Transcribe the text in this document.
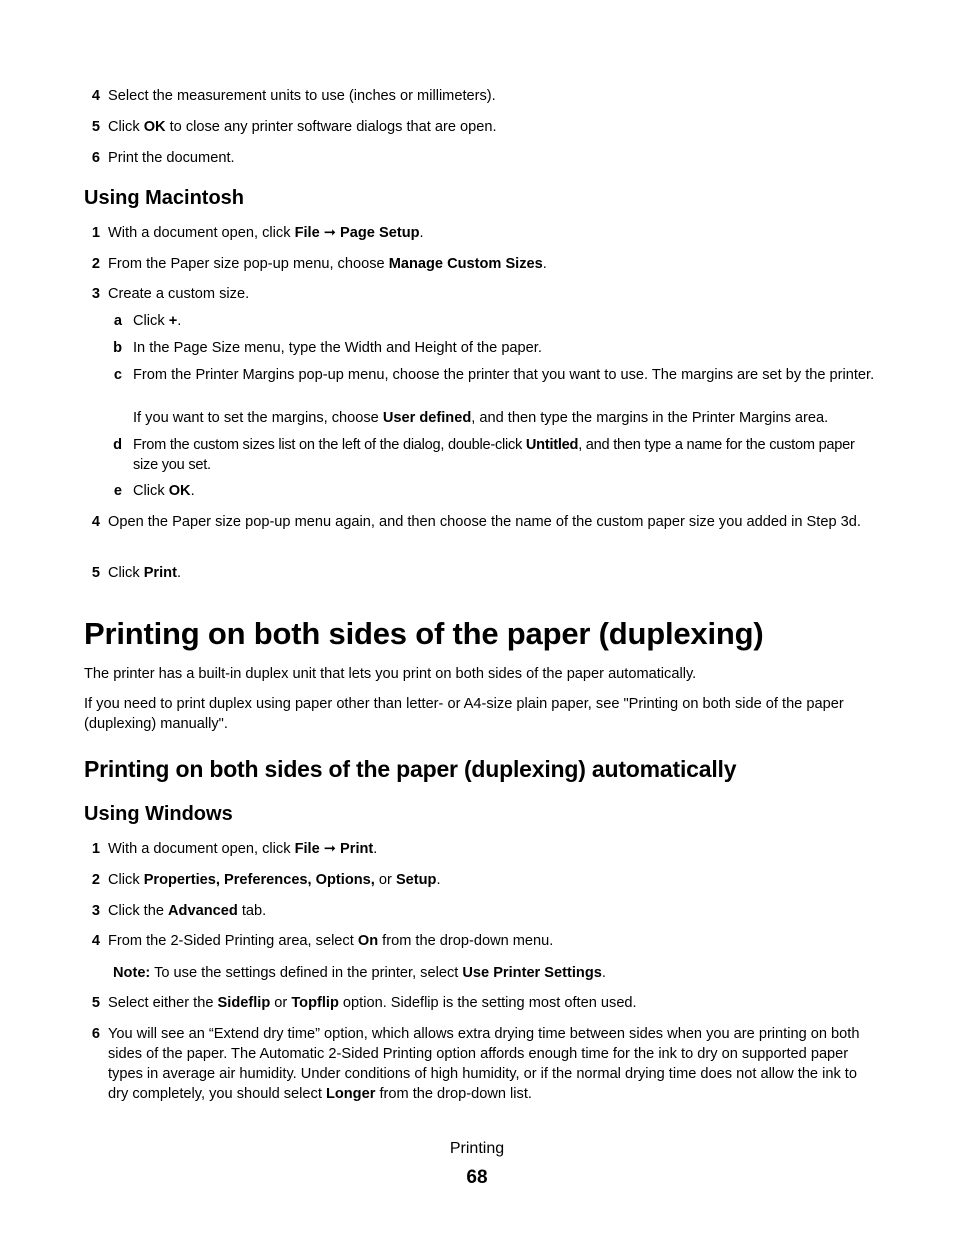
4 Select the measurement units to use (inches or millimeters).
5 Click OK to close any printer software dialogs that are open.
6 Print the document.
Using Macintosh
1 With a document open, click File ➞ Page Setup.
2 From the Paper size pop-up menu, choose Manage Custom Sizes.
3 Create a custom size.
a Click +.
b In the Page Size menu, type the Width and Height of the paper.
c From the Printer Margins pop-up menu, choose the printer that you want to use. The margins are set by the printer.
If you want to set the margins, choose User defined, and then type the margins in the Printer Margins area.
d From the custom sizes list on the left of the dialog, double-click Untitled, and then type a name for the custom paper size you set.
e Click OK.
4 Open the Paper size pop-up menu again, and then choose the name of the custom paper size you added in Step 3d.
5 Click Print.
Printing on both sides of the paper (duplexing)
The printer has a built-in duplex unit that lets you print on both sides of the paper automatically.
If you need to print duplex using paper other than letter- or A4-size plain paper, see "Printing on both side of the paper (duplexing) manually".
Printing on both sides of the paper (duplexing) automatically
Using Windows
1 With a document open, click File ➞ Print.
2 Click Properties, Preferences, Options, or Setup.
3 Click the Advanced tab.
4 From the 2-Sided Printing area, select On from the drop-down menu.
Note: To use the settings defined in the printer, select Use Printer Settings.
5 Select either the Sideflip or Topflip option. Sideflip is the setting most often used.
6 You will see an “Extend dry time” option, which allows extra drying time between sides when you are printing on both sides of the paper. The Automatic 2-Sided Printing option affords enough time for the ink to dry on supported paper types in average air humidity. Under conditions of high humidity, or if the normal drying time does not allow the ink to dry completely, you should select Longer from the drop-down list.
Printing
68
